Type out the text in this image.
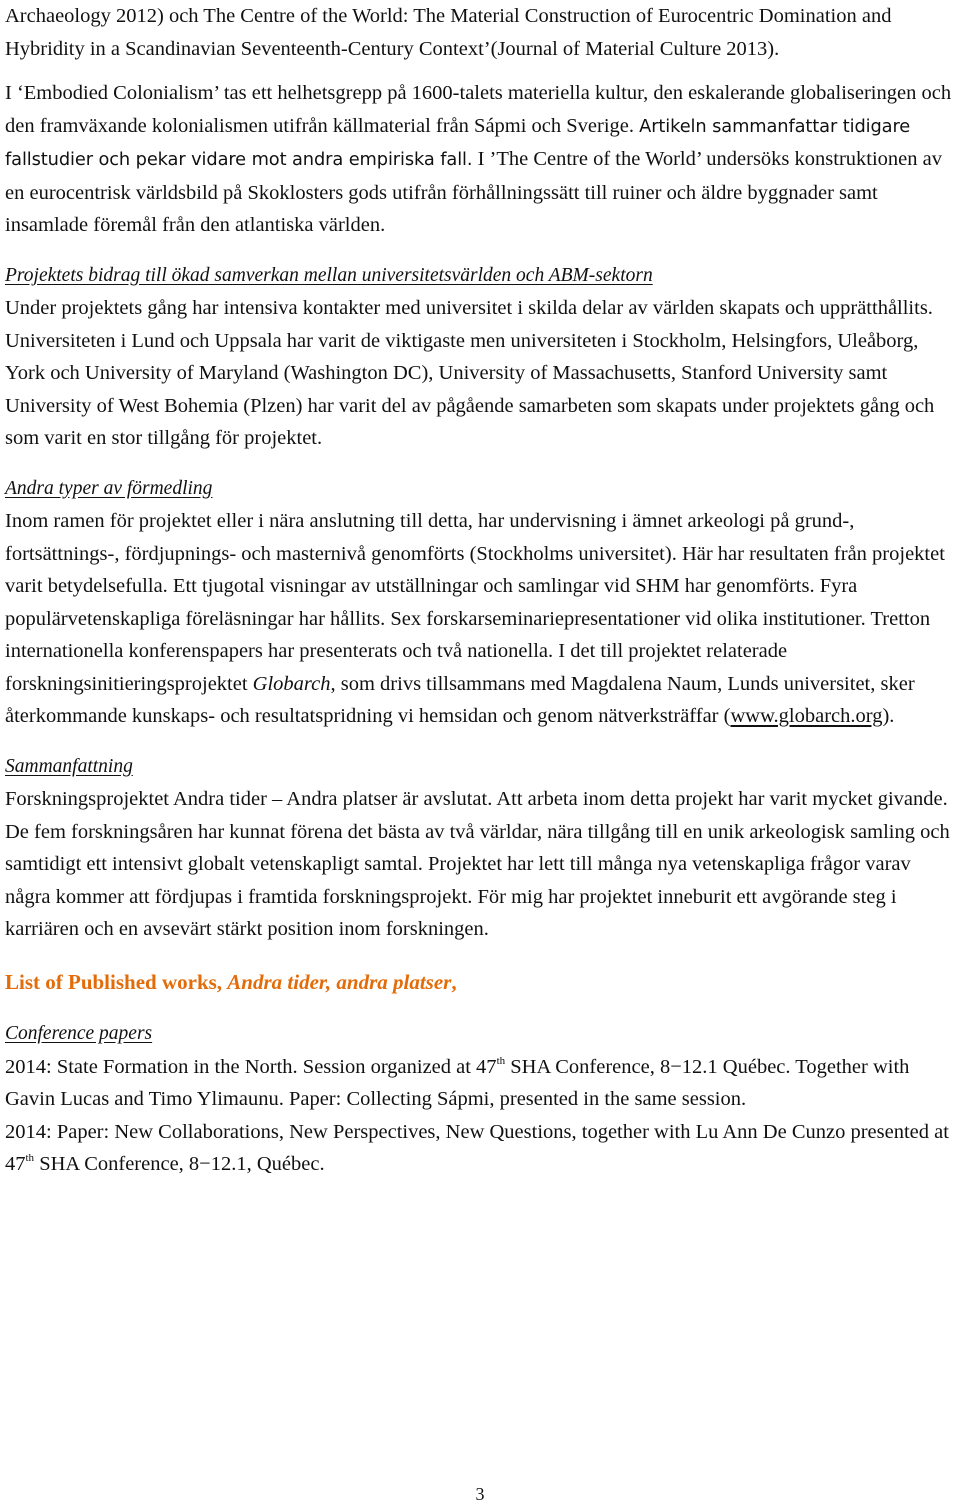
Archaeology 2012) och The Centre of the World: The Material Construction of Eurocentric Domination and Hybridity in a Scandinavian Seventeenth-Century Context’(Journal of Material Culture 2013).

I ‘Embodied Colonialism’ tas ett helhetsgrepp på 1600-talets materiella kultur, den eskalerande globaliseringen och den framväxande kolonialismen utifrån källmaterial från Sápmi och Sverige. Artikeln sammanfattar tidigare fallstudier och pekar vidare mot andra empiriska fall. I ’The Centre of the World’ undersöks konstruktionen av en eurocentrisk världsbild på Skoklosters gods utifrån förhållningssätt till ruiner och äldre byggnader samt insamlade föremål från den atlantiska världen.

Projektets bidrag till ökad samverkan mellan universitetsvärlden och ABM-sektorn

Under projektets gång har intensiva kontakter med universitet i skilda delar av världen skapats och upprätthållits. Universiteten i Lund och Uppsala har varit de viktigaste men universiteten i Stockholm, Helsingfors, Uleåborg, York och University of Maryland (Washington DC), University of Massachusetts, Stanford University samt University of West Bohemia (Plzen) har varit del av pågående samarbeten som skapats under projektets gång och som varit en stor tillgång för projektet.

Andra typer av förmedling

Inom ramen för projektet eller i nära anslutning till detta, har undervisning i ämnet arkeologi på grund-, fortsättnings-, fördjupnings- och masternivå genomförts (Stockholms universitet). Här har resultaten från projektet varit betydelsefulla. Ett tjugotal visningar av utställningar och samlingar vid SHM har genomförts. Fyra populärvetenskapliga föreläsningar har hållits. Sex forskarseminariepresentationer vid olika institutioner. Tretton internationella konferenspapers har presenterats och två nationella. I det till projektet relaterade forskningsinitieringsprojektet Globarch, som drivs tillsammans med Magdalena Naum, Lunds universitet, sker återkommande kunskaps- och resultatspridning vi hemsidan och genom nätverksträffar (www.globarch.org).

Sammanfattning

Forskningsprojektet Andra tider – Andra platser är avslutat. Att arbeta inom detta projekt har varit mycket givande. De fem forskningsåren har kunnat förena det bästa av två världar, nära tillgång till en unik arkeologisk samling och samtidigt ett intensivt globalt vetenskapligt samtal. Projektet har lett till många nya vetenskapliga frågor varav några kommer att fördjupas i framtida forskningsprojekt. För mig har projektet inneburit ett avgörande steg i karriären och en avsevärt stärkt position inom forskningen.

List of Published works, Andra tider, andra platser,

Conference papers

2014: State Formation in the North. Session organized at 47th SHA Conference, 8−12.1 Québec. Together with Gavin Lucas and Timo Ylimaunu. Paper: Collecting Sápmi, presented in the same session.

2014: Paper: New Collaborations, New Perspectives, New Questions, together with Lu Ann De Cunzo presented at 47th SHA Conference, 8−12.1, Québec.

3
